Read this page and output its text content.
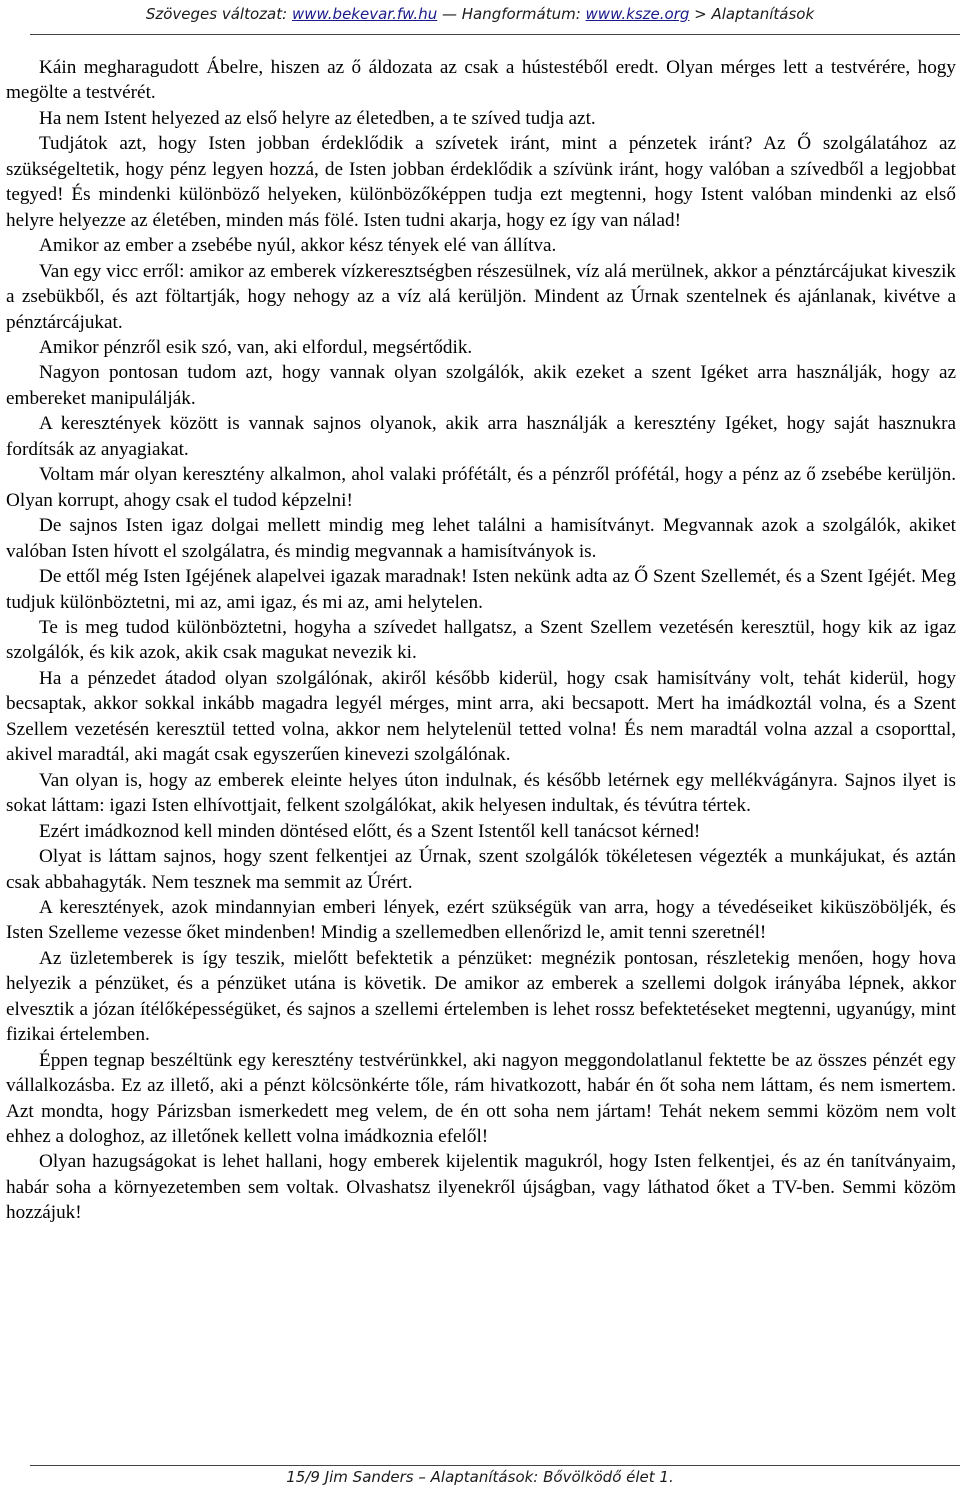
Szöveges változat: www.bekevar.fw.hu — Hangformátum: www.ksze.org > Alaptanítások

Káin megharagudott Ábelre, hiszen az ő áldozata az csak a hústestéből eredt. Olyan mérges lett a testvérére, hogy megölte a testvérét.

Ha nem Istent helyezed az első helyre az életedben, a te szíved tudja azt.

Tudjátok azt, hogy Isten jobban érdeklődik a szívetek iránt, mint a pénzetek iránt? Az Ő szolgálatához az szükségeltetik, hogy pénz legyen hozzá, de Isten jobban érdeklődik a szívünk iránt, hogy valóban a szívedből a legjobbat tegyed! És mindenki különböző helyeken, különbözőképpen tudja ezt megtenni, hogy Istent valóban mindenki az első helyre helyezze az életében, minden más fölé. Isten tudni akarja, hogy ez így van nálad!

Amikor az ember a zsebébe nyúl, akkor kész tények elé van állítva.

Van egy vicc erről: amikor az emberek vízkeresztségben részesülnek, víz alá merülnek, akkor a pénztárcájukat kiveszik a zsebükből, és azt föltartják, hogy nehogy az a víz alá kerüljön. Mindent az Úrnak szentelnek és ajánlanak, kivétve a pénztárcájukat.

Amikor pénzről esik szó, van, aki elfordul, megsértődik.

Nagyon pontosan tudom azt, hogy vannak olyan szolgálók, akik ezeket a szent Igéket arra használják, hogy az embereket manipulálják.

A keresztények között is vannak sajnos olyanok, akik arra használják a keresztény Igéket, hogy saját hasznukra fordítsák az anyagiakat.

Voltam már olyan keresztény alkalmon, ahol valaki prófétált, és a pénzről prófétál, hogy a pénz az ő zsebébe kerüljön. Olyan korrupt, ahogy csak el tudod képzelni!

De sajnos Isten igaz dolgai mellett mindig meg lehet találni a hamisítványt. Megvannak azok a szolgálók, akiket valóban Isten hívott el szolgálatra, és mindig megvannak a hamisítványok is.

De ettől még Isten Igéjének alapelvei igazak maradnak! Isten nekünk adta az Ő Szent Szellemét, és a Szent Igéjét. Meg tudjuk különböztetni, mi az, ami igaz, és mi az, ami helytelen.

Te is meg tudod különböztetni, hogyha a szívedet hallgatsz, a Szent Szellem vezetésén keresztül, hogy kik az igaz szolgálók, és kik azok, akik csak magukat nevezik ki.

Ha a pénzedet átadod olyan szolgálónak, akiről később kiderül, hogy csak hamisítvány volt, tehát kiderül, hogy becsaptak, akkor sokkal inkább magadra legyél mérges, mint arra, aki becsapott. Mert ha imádkoztál volna, és a Szent Szellem vezetésén keresztül tetted volna, akkor nem helytelenül tetted volna! És nem maradtál volna azzal a csoporttal, akivel maradtál, aki magát csak egyszerűen kinevezi szolgálónak.

Van olyan is, hogy az emberek eleinte helyes úton indulnak, és később letérnek egy mellékvágányra. Sajnos ilyet is sokat láttam: igazi Isten elhívottjait, felkent szolgálókat, akik helyesen indultak, és tévútra tértek.

Ezért imádkoznod kell minden döntésed előtt, és a Szent Istentől kell tanácsot kérned!

Olyat is láttam sajnos, hogy szent felkentjei az Úrnak, szent szolgálók tökéletesen végezték a munkájukat, és aztán csak abbahagyták. Nem tesznek ma semmit az Úrért.

A keresztények, azok mindannyian emberi lények, ezért szükségük van arra, hogy a tévedéseiket kiküszöböljék, és Isten Szelleme vezesse őket mindenben! Mindig a szellemedben ellenőrizd le, amit tenni szeretnél!

Az üzletemberek is így teszik, mielőtt befektetik a pénzüket: megnézik pontosan, részletekig menően, hogy hova helyezik a pénzüket, és a pénzüket utána is követik. De amikor az emberek a szellemi dolgok irányába lépnek, akkor elvesztik a józan ítélőképességüket, és sajnos a szellemi értelemben is lehet rossz befektetéseket megtenni, ugyanúgy, mint fizikai értelemben.

Éppen tegnap beszéltünk egy keresztény testvérünkkel, aki nagyon meggondolatlanul fektette be az összes pénzét egy vállalkozásba. Ez az illető, aki a pénzt kölcsönkérte tőle, rám hivatkozott, habár én őt soha nem láttam, és nem ismertem. Azt mondta, hogy Párizsban ismerkedett meg velem, de én ott soha nem jártam! Tehát nekem semmi közöm nem volt ehhez a dologhoz, az illetőnek kellett volna imádkoznia efelől!

Olyan hazugságokat is lehet hallani, hogy emberek kijelentik magukról, hogy Isten felkentjei, és az én tanítványaim, habár soha a környezetemben sem voltak. Olvashatsz ilyenekről újságban, vagy láthatod őket a TV-ben. Semmi közöm hozzájuk!

15/9 Jim Sanders – Alaptanítások: Bővölködő élet 1.
